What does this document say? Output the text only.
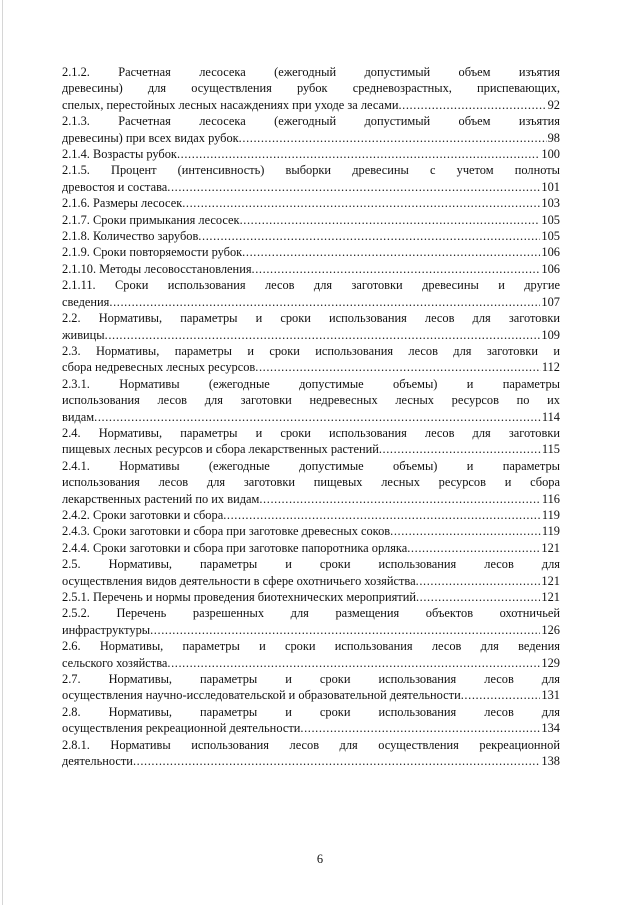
2.1.2. Расчетная лесосека (ежегодный допустимый объем изъятия
древесины) для осуществления рубок средневозрастных, приспевающих,
спелых, перестойных лесных насаждениях при уходе за лесами .....	92
2.1.3. Расчетная лесосека (ежегодный допустимый объем изъятия
древесины) при всех видах рубок .....	98
2.1.4. Возрасты рубок .....	100
2.1.5. Процент (интенсивность) выборки древесины с учетом полноты
древостоя и состава .....	101
2.1.6. Размеры лесосек .....	103
2.1.7. Сроки примыкания лесосек .....	105
2.1.8. Количество зарубов .....	105
2.1.9. Сроки повторяемости рубок .....	106
2.1.10. Методы лесовосстановления .....	106
2.1.11. Сроки использования лесов для заготовки древесины и другие
сведения .....	107
2.2. Нормативы, параметры и сроки использования лесов для заготовки
живицы .....	109
2.3. Нормативы, параметры и сроки использования лесов для заготовки и
сбора недревесных лесных ресурсов .....	112
2.3.1. Нормативы (ежегодные допустимые объемы) и параметры
использования лесов для заготовки недревесных лесных ресурсов по их
видам .....	114
2.4. Нормативы, параметры и сроки использования лесов для заготовки
пищевых лесных ресурсов и сбора лекарственных растений .....	115
2.4.1. Нормативы (ежегодные допустимые объемы) и параметры
использования лесов для заготовки пищевых лесных ресурсов и сбора
лекарственных растений по их видам .....	116
2.4.2. Сроки заготовки и сбора .....	119
2.4.3. Сроки заготовки и сбора при заготовке древесных соков .....	119
2.4.4. Сроки заготовки и сбора при заготовке папоротника орляка .....	121
2.5. Нормативы, параметры и сроки использования лесов для
осуществления видов деятельности в сфере охотничьего хозяйства .....	121
2.5.1. Перечень и нормы проведения биотехнических мероприятий .....	121
2.5.2. Перечень разрешенных для размещения объектов охотничьей
инфраструктуры .....	126
2.6. Нормативы, параметры и сроки использования лесов для ведения
сельского хозяйства .....	129
2.7. Нормативы, параметры и сроки использования лесов для
осуществления научно-исследовательской и образовательной деятельности .....	131
2.8. Нормативы, параметры и сроки использования лесов для
осуществления рекреационной деятельности .....	134
2.8.1. Нормативы использования лесов для осуществления рекреационной
деятельности .....	138
6
